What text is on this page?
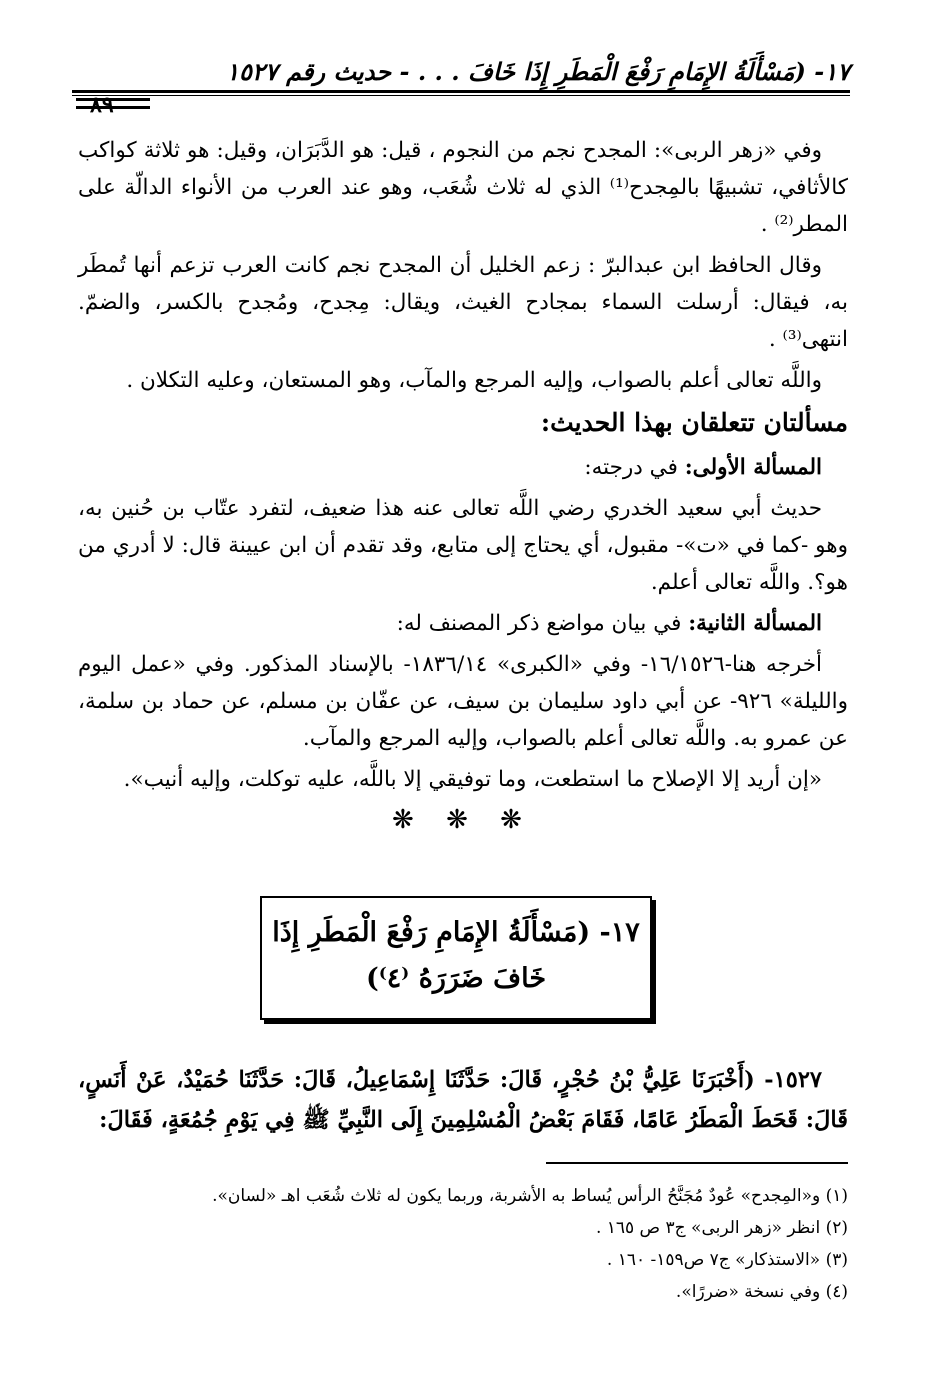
١٧- (مَسْأَلَةُ الإِمَامِ رَفْعَ الْمَطَرِ إِذَا خَافَ . . . - حديث رقم ١٥٢٧
٨٩

وفي «زهر الربى»: المجدح نجم من النجوم ، قيل: هو الدَّبَرَان، وقيل: هو ثلاثة كواكب كالأثافي، تشبيهًا بالمِجدح⁽¹⁾ الذي له ثلاث شُعَب، وهو عند العرب من الأنواء الدالّة على المطر⁽²⁾ .

وقال الحافظ ابن عبدالبرّ : زعم الخليل أن المجدح نجم كانت العرب تزعم أنها تُمطَر به، فيقال: أرسلت السماء بمجادح الغيث، ويقال: مِجدح، ومُجدح بالكسر، والضمّ. انتهى⁽³⁾ .

واللَّه تعالى أعلم بالصواب، وإليه المرجع والمآب، وهو المستعان، وعليه التكلان .

مسألتان تتعلقان بهذا الحديث:

المسألة الأولى: في درجته:

حديث أبي سعيد الخدري رضي اللَّه تعالى عنه هذا ضعيف، لتفرد عتّاب بن حُنين به، وهو -كما في «ت»- مقبول، أي يحتاج إلى متابع، وقد تقدم أن ابن عيينة قال: لا أدري من هو؟. واللَّه تعالى أعلم.

المسألة الثانية: في بيان مواضع ذكر المصنف له:

أخرجه هنا-١٦/١٥٢٦- وفي «الكبرى» ١٨٣٦/١٤- بالإسناد المذكور. وفي «عمل اليوم والليلة» ٩٢٦- عن أبي داود سليمان بن سيف، عن عفّان بن مسلم، عن حماد بن سلمة، عن عمرو به. واللَّه تعالى أعلم بالصواب، وإليه المرجع والمآب.

«إن أريد إلا الإصلاح ما استطعت، وما توفيقي إلا باللَّه، عليه توكلت، وإليه أنيب».

❋ ❋ ❋
١٧- (مَسْأَلَةُ الإِمَامِ رَفْعَ الْمَطَرِ إِذَا
خَافَ ضَرَرَهُ ⁽٤⁾)

١٥٢٧- (أَخْبَرَنَا عَلِيُّ بْنُ حُجْرٍ، قَالَ: حَدَّثَنَا إِسْمَاعِيلُ، قَالَ: حَدَّثَنَا حُمَيْدٌ، عَنْ أَنَسٍ، قَالَ: قَحَطَ الْمَطَرُ عَامًا، فَقَامَ بَعْضُ الْمُسْلِمِينَ إِلَى النَّبِيِّ ﷺ فِي يَوْمِ جُمُعَةٍ، فَقَالَ:

(١) و«المِجدح» عُودٌ مُجَنَّحُ الرأس يُساط به الأشربة، وربما يكون له ثلاث شُعَب اهـ «لسان».
(٢) انظر «زهر الربى» ج٣ ص ١٦٥ .
(٣) «الاستذكار» ج٧ ص١٥٩- ١٦٠ .
(٤) وفي نسخة «ضررًا».
